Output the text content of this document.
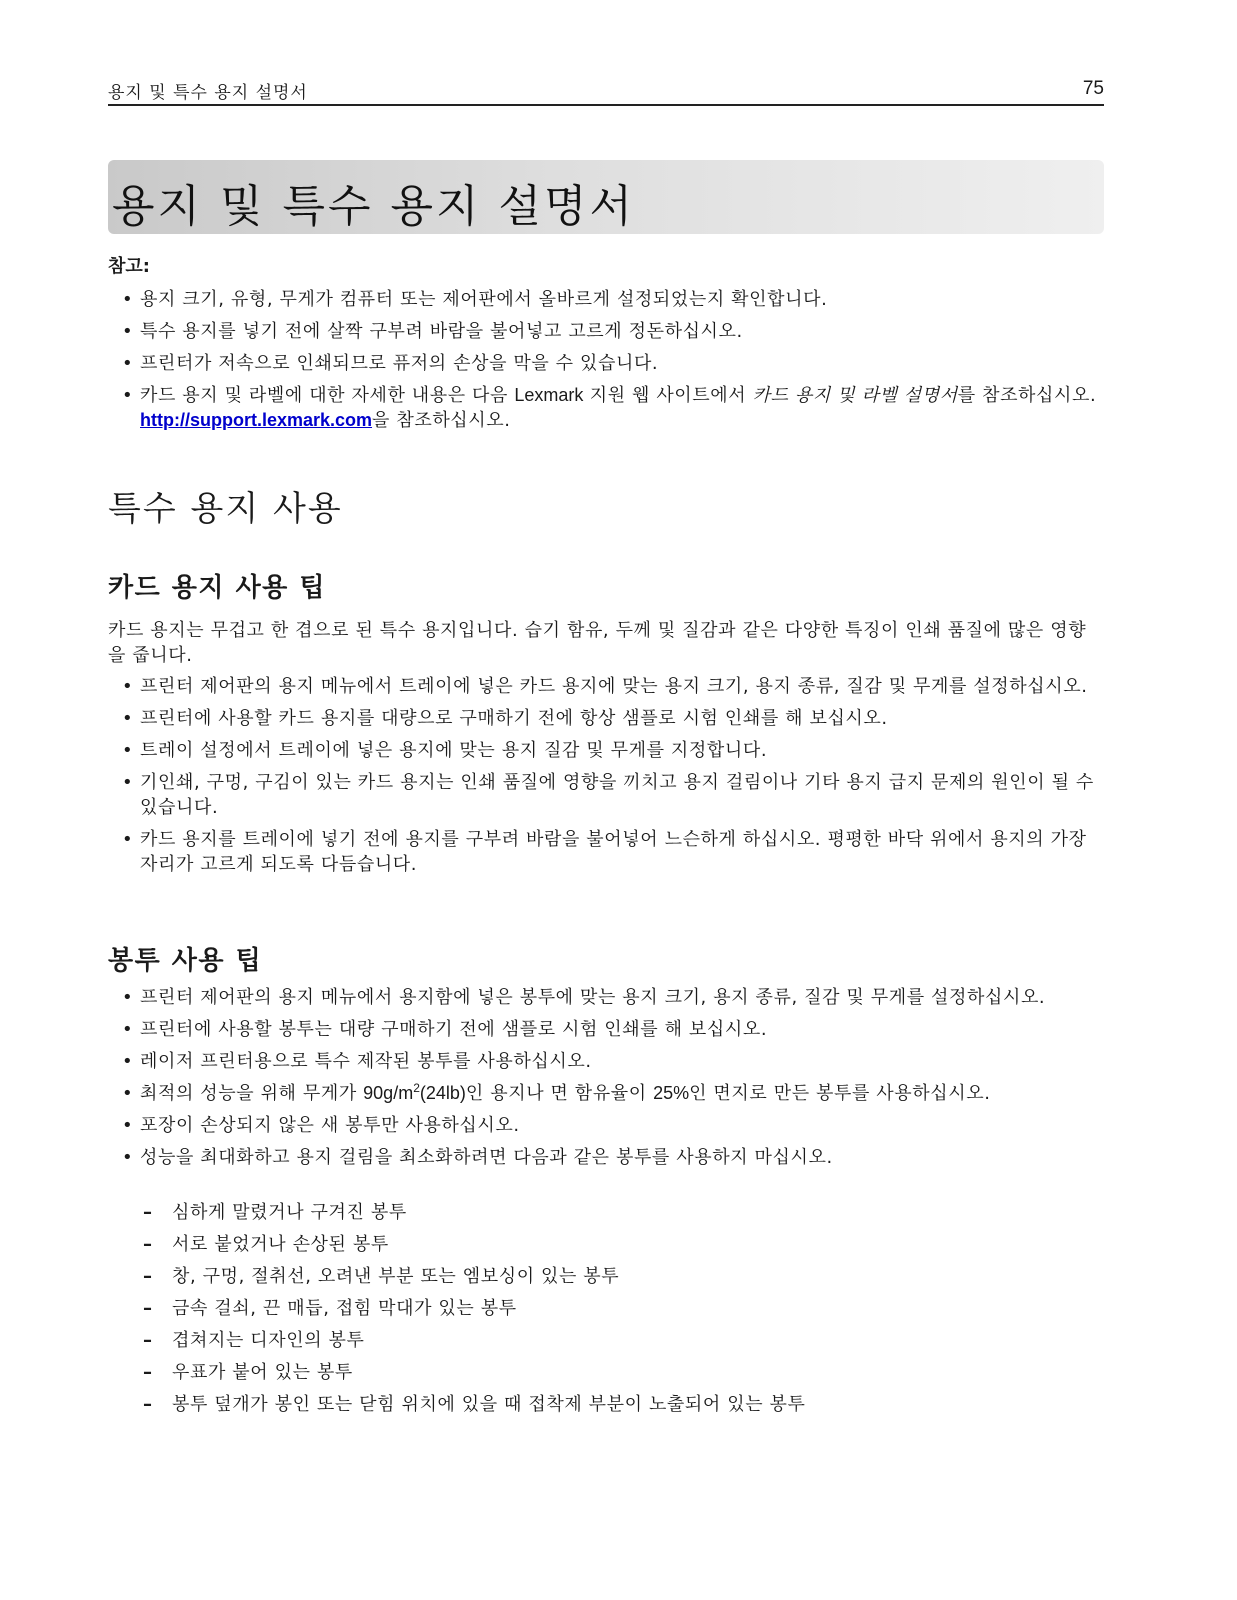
용지 및 특수 용지 설명서	75
용지 및 특수 용지 설명서
참고:
• 용지 크기, 유형, 무게가 컴퓨터 또는 제어판에서 올바르게 설정되었는지 확인합니다.
• 특수 용지를 넣기 전에 살짝 구부려 바람을 불어넣고 고르게 정돈하십시오.
• 프린터가 저속으로 인쇄되므로 퓨저의 손상을 막을 수 있습니다.
• 카드 용지 및 라벨에 대한 자세한 내용은 다음 Lexmark 지원 웹 사이트에서 카드 용지 및 라벨 설명서를 참조하십시오. http://support.lexmark.com을 참조하십시오.
특수 용지 사용
카드 용지 사용 팁

카드 용지는 무겁고 한 겹으로 된 특수 용지입니다. 습기 함유, 두께 및 질감과 같은 다양한 특징이 인쇄 품질에 많은 영향을 줍니다.

• 프린터 제어판의 용지 메뉴에서 트레이에 넣은 카드 용지에 맞는 용지 크기, 용지 종류, 질감 및 무게를 설정하십시오.
• 프린터에 사용할 카드 용지를 대량으로 구매하기 전에 항상 샘플로 시험 인쇄를 해 보십시오.
• 트레이 설정에서 트레이에 넣은 용지에 맞는 용지 질감 및 무게를 지정합니다.
• 기인쇄, 구멍, 구김이 있는 카드 용지는 인쇄 품질에 영향을 끼치고 용지 걸림이나 기타 용지 급지 문제의 원인이 될 수 있습니다.
• 카드 용지를 트레이에 넣기 전에 용지를 구부려 바람을 불어넣어 느슨하게 하십시오. 평평한 바닥 위에서 용지의 가장자리가 고르게 되도록 다듬습니다.
봉투 사용 팁
• 프린터 제어판의 용지 메뉴에서 용지함에 넣은 봉투에 맞는 용지 크기, 용지 종류, 질감 및 무게를 설정하십시오.
• 프린터에 사용할 봉투는 대량 구매하기 전에 샘플로 시험 인쇄를 해 보십시오.
• 레이저 프린터용으로 특수 제작된 봉투를 사용하십시오.
• 최적의 성능을 위해 무게가 $90g/m^2(24lb)$인 용지나 면 함유율이 25%인 면지로 만든 봉투를 사용하십시오.
• 포장이 손상되지 않은 새 봉투만 사용하십시오.
• 성능을 최대화하고 용지 걸림을 최소화하려면 다음과 같은 봉투를 사용하지 마십시오.
– 심하게 말렸거나 구겨진 봉투
– 서로 붙었거나 손상된 봉투
– 창, 구멍, 절취선, 오려낸 부분 또는 엠보싱이 있는 봉투
– 금속 걸쇠, 끈 매듭, 접힘 막대가 있는 봉투
– 겹쳐지는 디자인의 봉투
– 우표가 붙어 있는 봉투
– 봉투 덮개가 봉인 또는 닫힘 위치에 있을 때 접착제 부분이 노출되어 있는 봉투
